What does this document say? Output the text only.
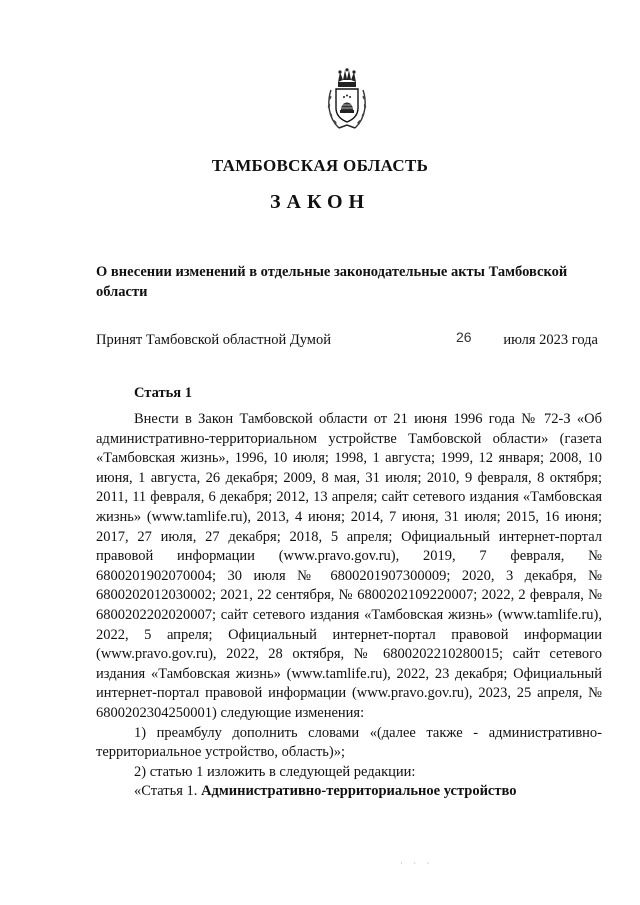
ТАМБОВСКАЯ ОБЛАСТЬ
ЗАКОН
О внесении изменений в отдельные законодательные акты Тамбовской области
Принят Тамбовской областной Думой	26 июля 2023 года
Статья 1

Внести в Закон Тамбовской области от 21 июня 1996 года № 72-З «Об административно-территориальном устройстве Тамбовской области» (газета «Тамбовская жизнь», 1996, 10 июля; 1998, 1 августа; 1999, 12 января; 2008, 10 июня, 1 августа, 26 декабря; 2009, 8 мая, 31 июля; 2010, 9 февраля, 8 октября; 2011, 11 февраля, 6 декабря; 2012, 13 апреля; сайт сетевого издания «Тамбовская жизнь» (www.tamlife.ru), 2013, 4 июня; 2014, 7 июня, 31 июля; 2015, 16 июня; 2017, 27 июля, 27 декабря; 2018, 5 апреля; Официальный интернет-портал правовой информации (www.pravo.gov.ru), 2019, 7 февраля, № 6800201902070004; 30 июля № 6800201907300009; 2020, 3 декабря, № 6800202012030002; 2021, 22 сентября, № 6800202109220007; 2022, 2 февраля, № 6800202202020007; сайт сетевого издания «Тамбовская жизнь» (www.tamlife.ru), 2022, 5 апреля; Официальный интернет-портал правовой информации (www.pravo.gov.ru), 2022, 28 октября, № 6800202210280015; сайт сетевого издания «Тамбовская жизнь» (www.tamlife.ru), 2022, 23 декабря; Официальный интернет-портал правовой информации (www.pravo.gov.ru), 2023, 25 апреля, № 6800202304250001) следующие изменения:

1) преамбулу дополнить словами «(далее также - административно-территориальное устройство, область)»;

2) статью 1 изложить в следующей редакции:

«Статья 1. Административно-территориальное устройство

· · ·
